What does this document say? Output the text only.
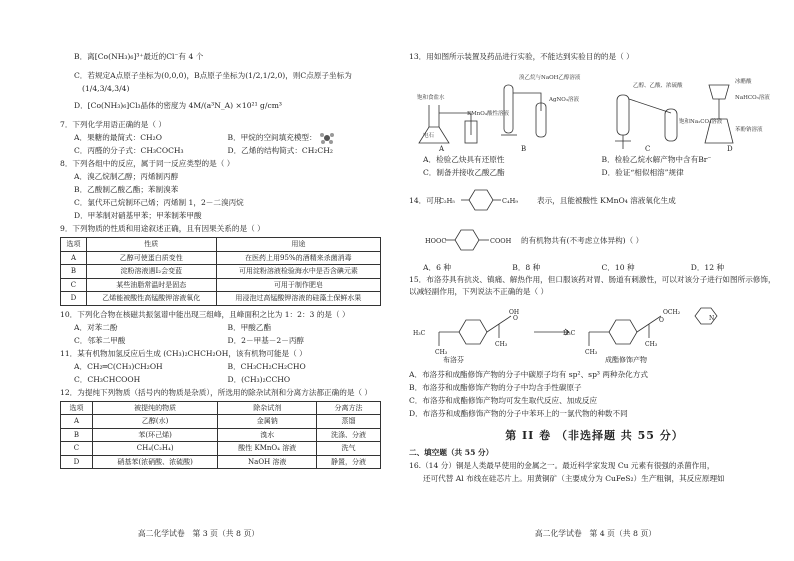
B．离[Co(NH₃)₆]³⁺最近的Cl⁻有 4 个
C．若规定A点原子坐标为(0,0,0)，B点原子坐标为(1/2,1/2,0)，则C点原子坐标为
(1/4,3/4,3/4)
D．[Co(NH₃)₆]Cl₃晶体的密度为 4M/(a³N_A) ×10²¹ g/cm³
7．下列化学用语正确的是（ ）
A．果糖的最简式：CH₂O	B．甲烷的空间填充模型：
C．丙醛的分子式：CH₃COCH₃	D．乙烯的结构简式：CH₂CH₂
8．下列各组中的反应，属于同一反应类型的是（ ）
A．溴乙烷制乙醇；丙烯制丙醇
B．乙酸制乙酸乙酯；苯制溴苯
C．氯代环己烷制环己烯；丙烯制 1，2－二溴丙烷
D．甲苯制对硝基甲苯；甲苯制苯甲酸
9．下列物质的性质和用途叙述正确，且有因果关系的是（ ）
选项	性质	用途
A	乙醇可使蛋白质变性	在医药上用95%的酒精来杀菌消毒
B	淀粉溶液遇I₂会变蓝	可用淀粉溶液检验海水中是否含碘元素
C	某些油脂常温时是固态	可用于制作肥皂
D	乙烯能被酸性高锰酸钾溶液氧化	用浸泡过高锰酸钾溶液的硅藻土保鲜水果
10．下列化合物在核磁共振氢谱中能出现三组峰，且峰面积之比为 1：2：3 的是（ ）
A．对苯二酚	B．甲酸乙酯
C．邻苯二甲酸	D．2－甲基－2－丙醇
11．某有机物加氢反应后生成 (CH₃)₂CHCH₂OH，该有机物可能是（ ）
A．CH₂═C(CH₃)CH₂OH	B．CH₃CH₂CH₂CHO
C．CH₃CHCOOH	D．(CH₃)₂CCHO
12．为提纯下列物质（括号内的物质是杂质），所选用的除杂试剂和分离方法都正确的是（ ）
选项	被提纯的物质	除杂试剂	分离方法
A	乙醇(水)	金属钠	蒸馏
B	苯(环己烯)	溴水	洗涤、分液
C	CH₄(C₂H₄)	酸性 KMnO₄ 溶液	洗气
D	硝基苯(浓硝酸、浓硫酸)	NaOH 溶液	静置，分液
高二化学试卷　第 3 页（共 8 页）
13．用如图所示装置及药品进行实验，不能达到实验目的的是（ ）
饱和食盐水
电石
KMnO₄酸性溶液
溴乙烷与NaOH乙醇溶液
AgNO₃溶液
乙醇、乙酸、浓硫酸
饱和Na₂CO₃溶液
冰醋酸
NaHCO₃溶液
苯酚钠溶液
A	B	C	D
A．检验乙炔具有还原性	B．检验乙烷水解产物中含有Br⁻
C．制备并接收乙酸乙酯	D．验证“相似相溶”规律
14．可用
C₂H₅	C₄H₉	表示，且能被酸性 KMnO₄ 溶液氧化生成
HOOC	COOH 的有机物共有(不考虑立体异构)（ ）
A．6 种	B．8 种	C．10 种	D．12 种
15．布洛芬具有抗炎、镇痛、解热作用，但口服该药对胃、肠道有刺激性，可以对该分子进行如图所示修饰，以减轻副作用，下列说法不正确的是（ ）
H₃C
CH₃
CH₃
OH
O
H₃C
CH₃
CH₃
OCH₂
O	N
布洛芬	成酯修饰产物
A．布洛芬和成酯修饰产物的分子中碳原子均有 sp²、sp³ 两种杂化方式
B．布洛芬和成酯修饰产物的分子中均含手性碳原子
C．布洛芬和成酯修饰产物均可发生取代反应、加成反应
D．布洛芬和成酯修饰产物的分子中苯环上的一氯代物的种数不同
第 II 卷 （非选择题 共 55 分）
二、填空题（共 55 分）
16.（14 分）铜是人类最早使用的金属之一。最近科学家发现 Cu 元素有很强的杀菌作用，
还可代替 Al 布线在硅芯片上。用黄铜矿（主要成分为 CuFeS₂）生产粗铜，其反应原理如
高二化学试卷　第 4 页（共 8 页）
